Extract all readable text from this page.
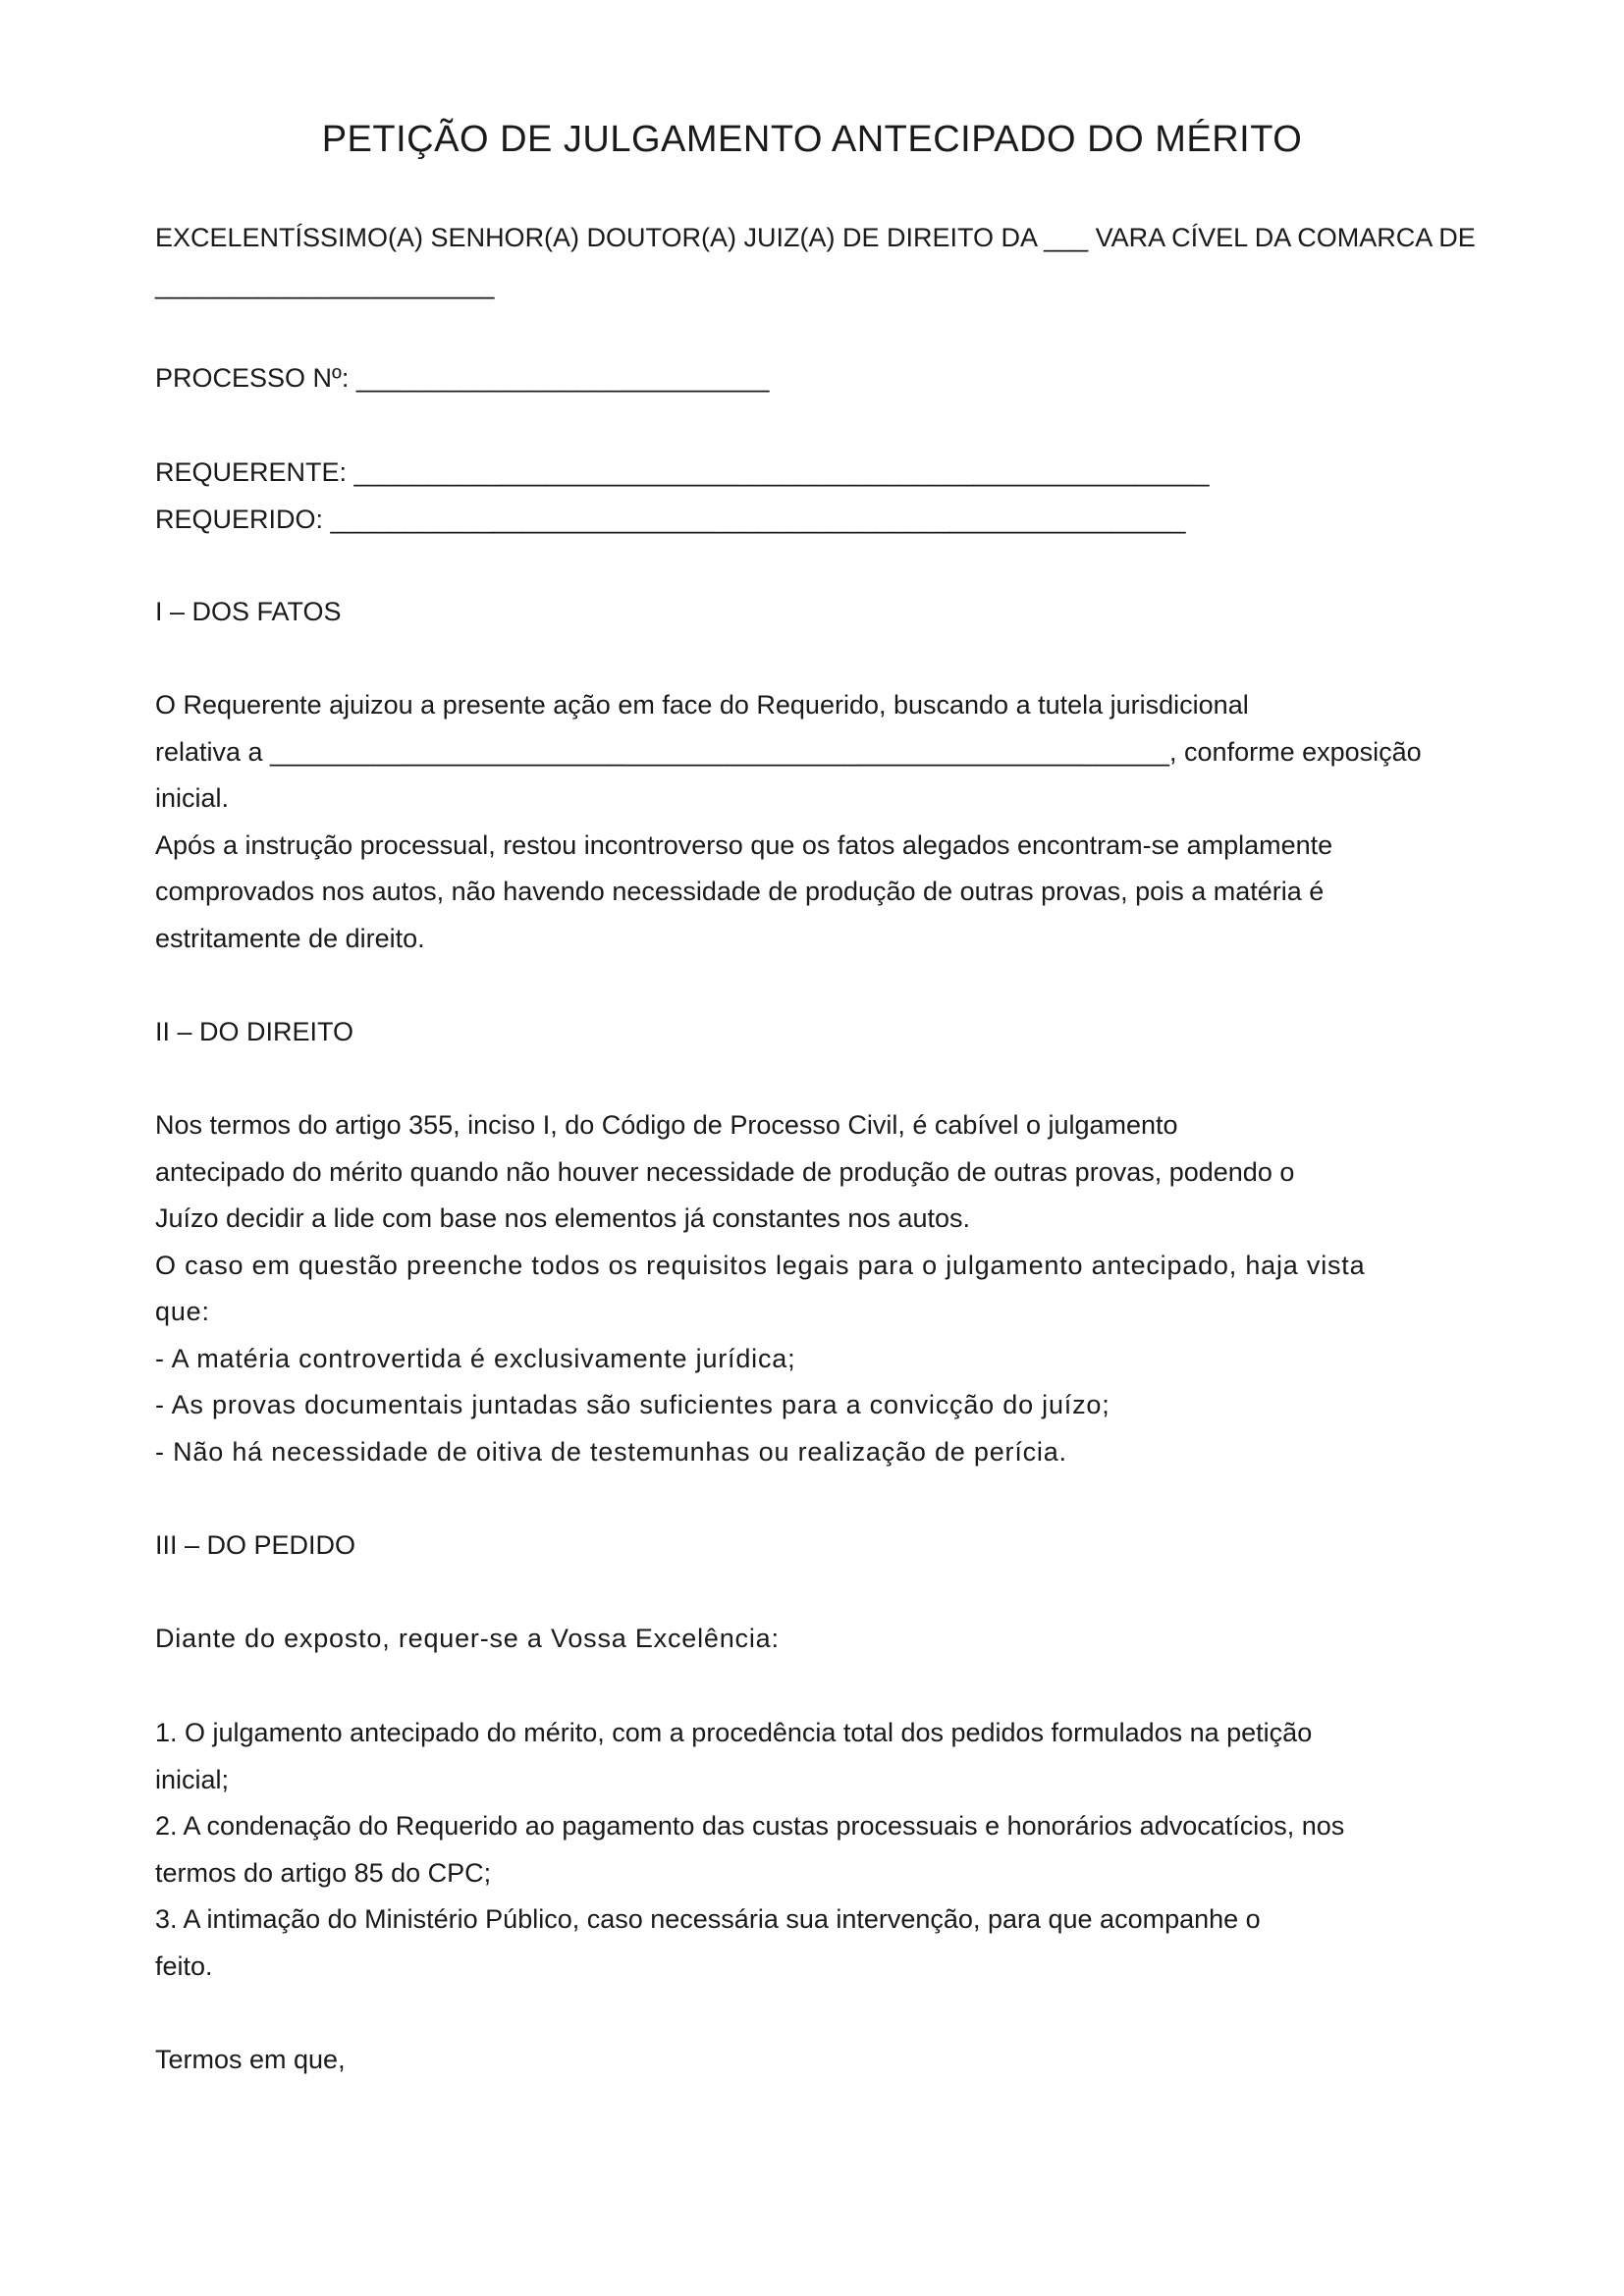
PETIÇÃO DE JULGAMENTO ANTECIPADO DO MÉRITO
EXCELENTÍSSIMO(A) SENHOR(A) DOUTOR(A) JUIZ(A) DE DIREITO DA ___ VARA CÍVEL DA COMARCA DE
_______________________
PROCESSO Nº: ____________________________
REQUERENTE: __________________________________________________________
REQUERIDO: __________________________________________________________
I – DOS FATOS
O Requerente ajuizou a presente ação em face do Requerido, buscando a tutela jurisdicional
relativa a _____________________________________________________________, conforme exposição
inicial.
Após a instrução processual, restou incontroverso que os fatos alegados encontram-se amplamente
comprovados nos autos, não havendo necessidade de produção de outras provas, pois a matéria é
estritamente de direito.
II – DO DIREITO
Nos termos do artigo 355, inciso I, do Código de Processo Civil, é cabível o julgamento
antecipado do mérito quando não houver necessidade de produção de outras provas, podendo o
Juízo decidir a lide com base nos elementos já constantes nos autos.
O caso em questão preenche todos os requisitos legais para o julgamento antecipado, haja vista
que:
- A matéria controvertida é exclusivamente jurídica;
- As provas documentais juntadas são suficientes para a convicção do juízo;
- Não há necessidade de oitiva de testemunhas ou realização de perícia.
III – DO PEDIDO
Diante do exposto, requer-se a Vossa Excelência:
1. O julgamento antecipado do mérito, com a procedência total dos pedidos formulados na petição
inicial;
2. A condenação do Requerido ao pagamento das custas processuais e honorários advocatícios, nos
termos do artigo 85 do CPC;
3. A intimação do Ministério Público, caso necessária sua intervenção, para que acompanhe o
feito.
Termos em que,
